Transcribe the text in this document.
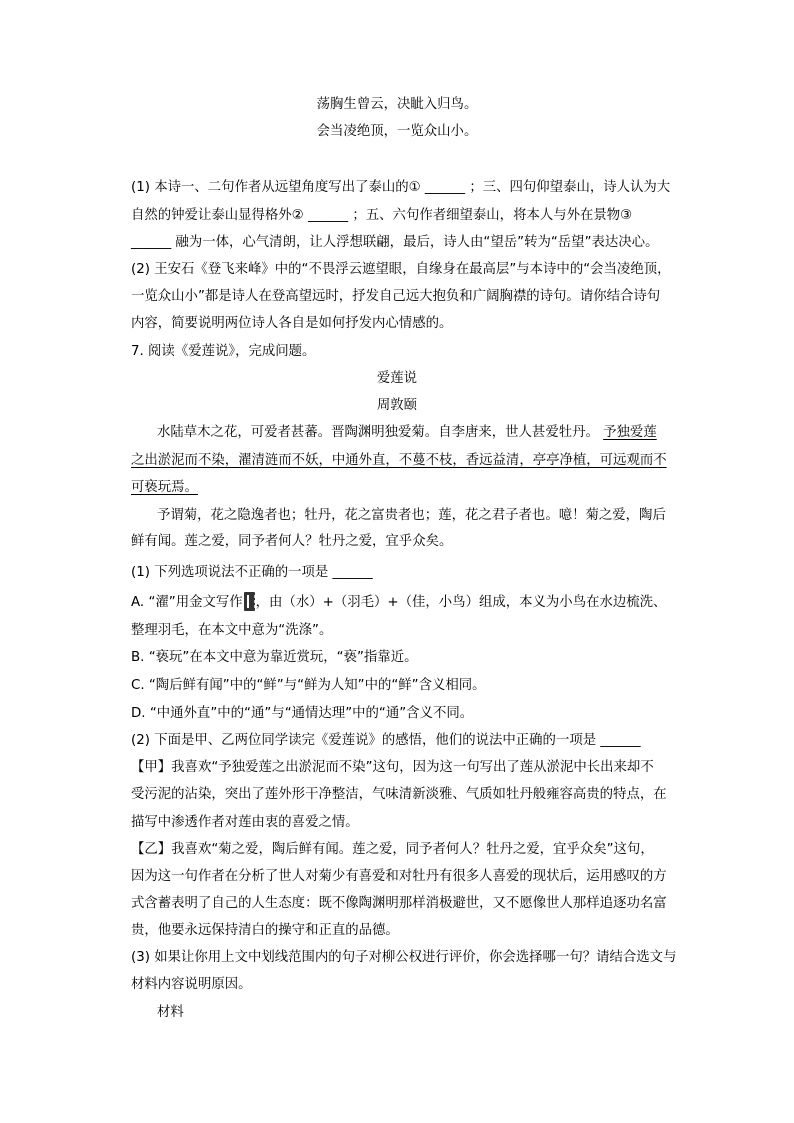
荡胸生曾云，决眦入归鸟。
会当凌绝顶，一览众山小。
(1) 本诗一、二句作者从远望角度写出了泰山的① ______ ；三、四句仰望泰山，诗人认为大
自然的钟爱让泰山显得格外② ______ ；五、六句作者细望泰山，将本人与外在景物③
______ 融为一体，心气清朗，让人浮想联翩，最后，诗人由“望岳”转为“岳望”表达决心。
(2) 王安石《登飞来峰》中的“不畏浮云遮望眼，自缘身在最高层”与本诗中的“会当凌绝顶，
一览众山小”都是诗人在登高望远时，抒发自己远大抱负和广阔胸襟的诗句。请你结合诗句
内容，简要说明两位诗人各自是如何抒发内心情感的。
7. 阅读《爱莲说》，完成问题。
爱莲说
周敦颐
水陆草木之花，可爱者甚蕃。晋陶渊明独爱菊。自李唐来，世人甚爱牡丹。 予独爱莲
之出淤泥而不染，濯清涟而不妖，中通外直，不蔓不枝，香远益清，亭亭净植，可远观而不
可亵玩焉。
予谓菊，花之隐逸者也；牡丹，花之富贵者也；莲，花之君子者也。噫！菊之爱，陶后
鲜有闻。莲之爱，同予者何人？牡丹之爱，宜乎众矣。
(1) 下列选项说法不正确的一项是 ______
A. “濯”用金文写作 ，由（水）+（羽毛）+（佳，小鸟）组成，本义为小鸟在水边梳洗、
整理羽毛，在本文中意为“洗涤”。
B. “亵玩”在本文中意为靠近赏玩，“亵”指靠近。
C. “陶后鲜有闻”中的“鲜”与“鲜为人知”中的“鲜”含义相同。
D. “中通外直”中的“通”与“通情达理”中的“通”含义不同。
(2) 下面是甲、乙两位同学读完《爱莲说》的感悟，他们的说法中正确的一项是 ______
【甲】我喜欢“予独爱莲之出淤泥而不染”这句，因为这一句写出了莲从淤泥中长出来却不
受污泥的沾染，突出了莲外形干净整洁，气味清新淡雅、气质如牡丹般雍容高贵的特点，在
描写中渗透作者对莲由衷的喜爱之情。
【乙】我喜欢“菊之爱，陶后鲜有闻。莲之爱，同予者何人？牡丹之爱，宜乎众矣”这句，
因为这一句作者在分析了世人对菊少有喜爱和对牡丹有很多人喜爱的现状后，运用感叹的方
式含蓄表明了自己的人生态度：既不像陶渊明那样消极避世，又不愿像世人那样追逐功名富
贵，他要永远保持清白的操守和正直的品德。
(3) 如果让你用上文中划线范围内的句子对柳公权进行评价，你会选择哪一句？请结合选文与
材料内容说明原因。
材料
